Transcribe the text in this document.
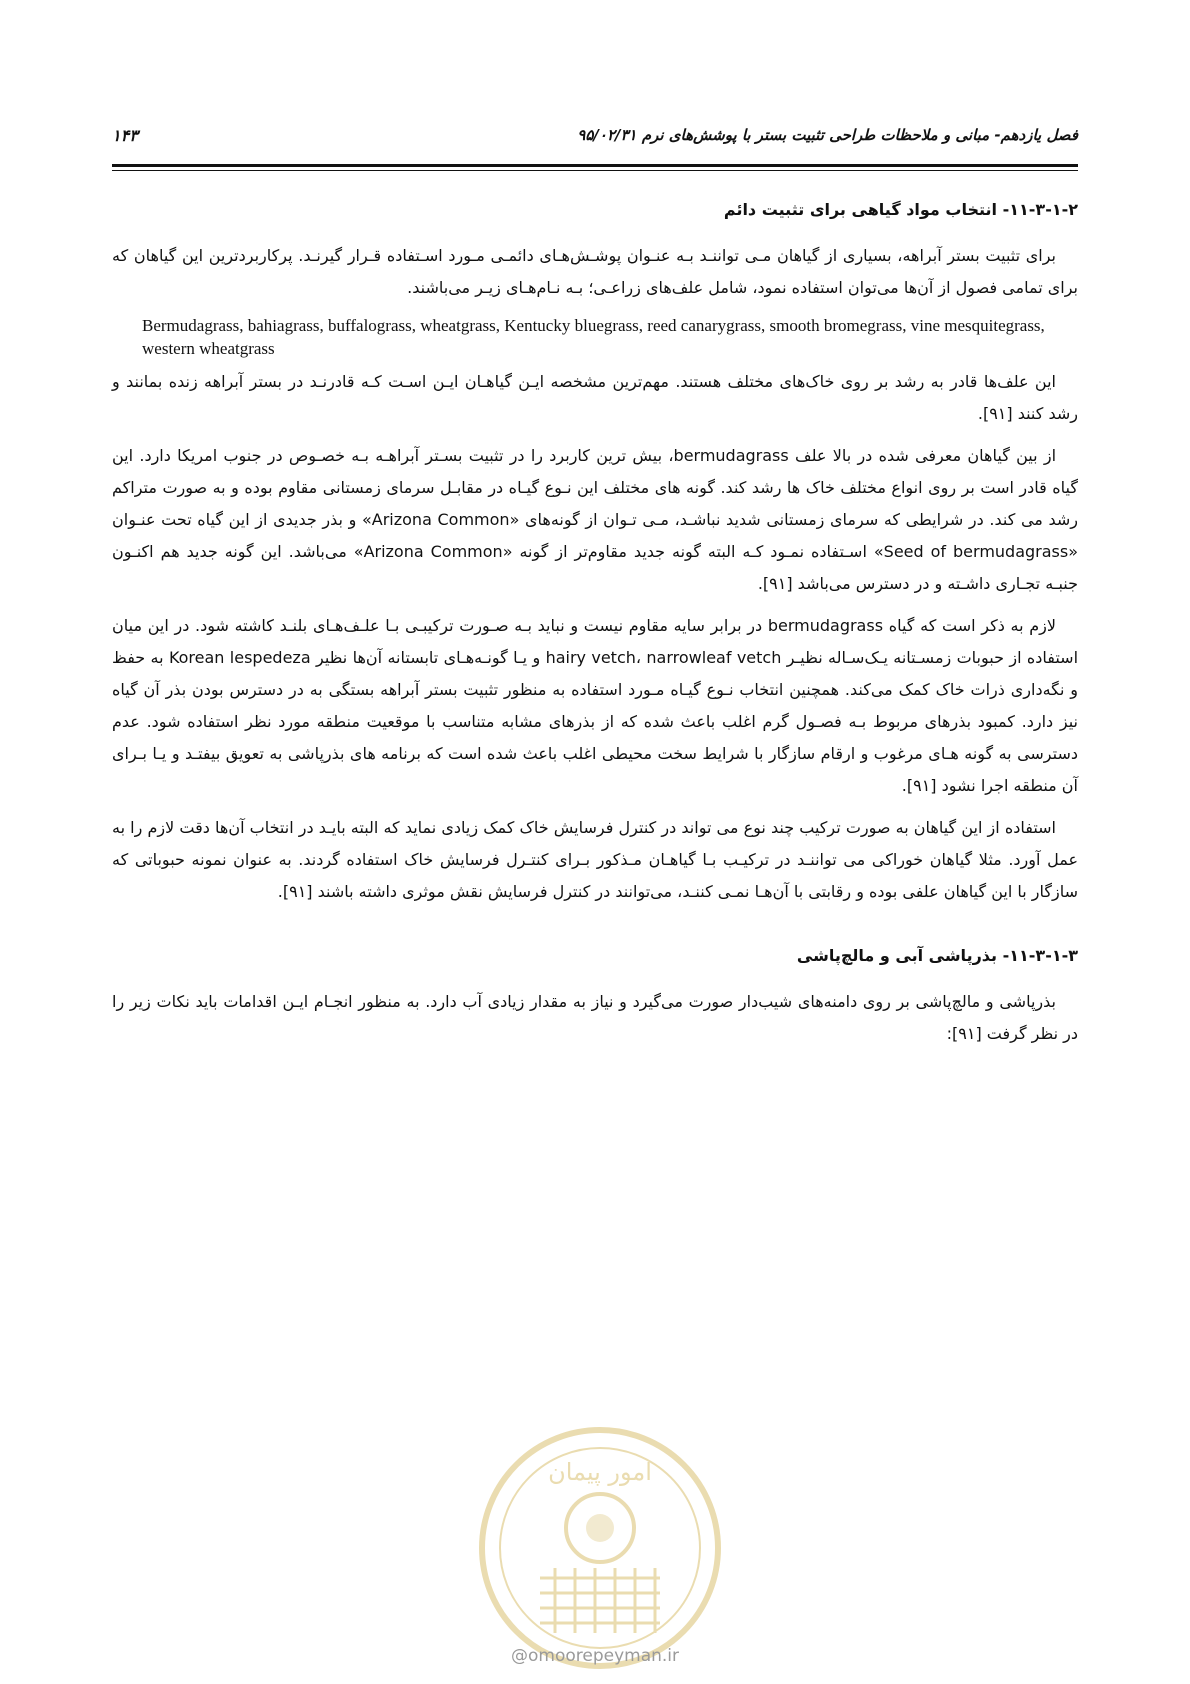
فصل یازدهم- مبانی و ملاحظات طراحی تثبیت بستر با پوشش‌های نرم ۹۵/۰۲/۳۱
۱۴۳
۱۱-۳-۱-۲- انتخاب مواد گیاهی برای تثبیت دائم

برای تثبیت بستر آبراهه، بسیاری از گیاهان مـی تواننـد بـه عنـوان پوشـش‌هـای دائمـی مـورد اسـتفاده قـرار گیرنـد. پرکاربردترین این گیاهان که برای تمامی فصول از آن‌ها می‌توان استفاده نمود، شامل علف‌های زراعـی؛ بـه نـام‌هـای زیـر می‌باشند.

Bermudagrass, bahiagrass, buffalograss, wheatgrass, Kentucky bluegrass, reed canarygrass, smooth bromegrass, vine mesquitegrass, western wheatgrass

این علف‌ها قادر به رشد بر روی خاک‌های مختلف هستند. مهم‌ترین مشخصه ایـن گیاهـان ایـن اسـت کـه قادرنـد در بستر آبراهه زنده بمانند و رشد کنند [۹۱].

از بین گیاهان معرفی شده در بالا علف bermudagrass، بیش ترین کاربرد را در تثبیت بسـتر آبراهـه بـه خصـوص در جنوب امریکا دارد. این گیاه قادر است بر روی انواع مختلف خاک ها رشد کند. گونه های مختلف این نـوع گیـاه در مقابـل سرمای زمستانی مقاوم بوده و به صورت متراکم رشد می کند. در شرایطی که سرمای زمستانی شدید نباشـد، مـی تـوان از گونه‌های «Arizona Common» و بذر جدیدی از این گیاه تحت عنـوان «Seed of bermudagrass» اسـتفاده نمـود کـه البته گونه جدید مقاوم‌تر از گونه «Arizona Common» می‌باشد. این گونه جدید هم اکنـون جنبـه تجـاری داشـته و در دسترس می‌باشد [۹۱].

لازم به ذکر است که گیاه bermudagrass در برابر سایه مقاوم نیست و نباید بـه صـورت ترکیبـی بـا علـف‌هـای بلنـد کاشته شود. در این میان استفاده از حبوبات زمسـتانه یـک‌سـاله نظیـر hairy vetch، narrowleaf vetch و یـا گونـه‌هـای تابستانه آن‌ها نظیر Korean lespedeza به حفظ و نگه‌داری ذرات خاک کمک می‌کند. همچنین انتخاب نـوع گیـاه مـورد استفاده به منظور تثبیت بستر آبراهه بستگی به در دسترس بودن بذر آن گیاه نیز دارد. کمبود بذرهای مربوط بـه فصـول گرم اغلب باعث شده که از بذرهای مشابه متناسب با موقعیت منطقه مورد نظر استفاده شود. عدم دسترسی به گونه هـای مرغوب و ارقام سازگار با شرایط سخت محیطی اغلب باعث شده است که برنامه های بذرپاشی به تعویق بیفتـد و یـا بـرای آن منطقه اجرا نشود [۹۱].

استفاده از این گیاهان به صورت ترکیب چند نوع می تواند در کنترل فرسایش خاک کمک زیادی نماید که البته بایـد در انتخاب آن‌ها دقت لازم را به عمل آورد. مثلا گیاهان خوراکی می تواننـد در ترکیـب بـا گیاهـان مـذکور بـرای کنتـرل فرسایش خاک استفاده گردند. به عنوان نمونه حبوباتی که سازگار با این گیاهان علفی بوده و رقابتی با آن‌هـا نمـی کننـد، می‌توانند در کنترل فرسایش نقش موثری داشته باشند [۹۱].

۱۱-۳-۱-۳- بذرپاشی آبی و مالچ‌پاشی

بذرپاشی و مالچ‌پاشی بر روی دامنه‌های شیب‌دار صورت می‌گیرد و نیاز به مقدار زیادی آب دارد. به منظور انجـام ایـن اقدامات باید نکات زیر را در نظر گرفت [۹۱]:

امور پیمان
@omoorepeyman.ir
